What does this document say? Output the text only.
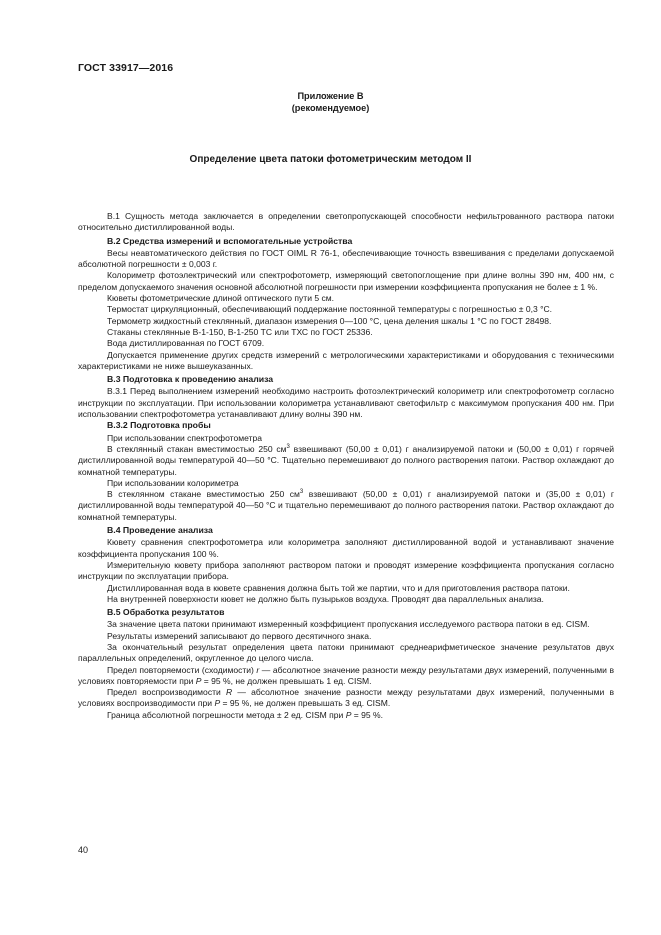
ГОСТ 33917—2016
Приложение В
(рекомендуемое)
Определение цвета патоки фотометрическим методом II

В.1 Сущность метода заключается в определении светопропускающей способности нефильтрованного раствора патоки относительно дистиллированной воды.

В.2 Средства измерений и вспомогательные устройства

Весы неавтоматического действия по ГОСТ OIML R 76-1, обеспечивающие точность взвешивания с пределами допускаемой абсолютной погрешности ± 0,003 г.

Колориметр фотоэлектрический или спектрофотометр, измеряющий светопоглощение при длине волны 390 нм, 400 нм, с пределом допускаемого значения основной абсолютной погрешности при измерении коэффициента пропускания не более ± 1 %.

Кюветы фотометрические длиной оптического пути 5 см.

Термостат циркуляционный, обеспечивающий поддержание постоянной температуры с погрешностью ± 0,3 °С.

Термометр жидкостный стеклянный, диапазон измерения 0—100 °С, цена деления шкалы 1 °С по ГОСТ 28498.

Стаканы стеклянные В-1-150, В-1-250 ТС или ТХС по ГОСТ 25336.

Вода дистиллированная по ГОСТ 6709.

Допускается применение других средств измерений с метрологическими характеристиками и оборудования с техническими характеристиками не ниже вышеуказанных.

В.3 Подготовка к проведению анализа

В.3.1 Перед выполнением измерений необходимо настроить фотоэлектрический колориметр или спектрофотометр согласно инструкции по эксплуатации. При использовании колориметра устанавливают светофильтр с максимумом пропускания 400 нм. При использовании спектрофотометра устанавливают длину волны 390 нм.

В.3.2 Подготовка пробы

При использовании спектрофотометра

В стеклянный стакан вместимостью 250 $см^3$ взвешивают (50,00 ± 0,01) г анализируемой патоки и (50,00 ± 0,01) г горячей дистиллированной воды температурой 40—50 °С. Тщательно перемешивают до полного растворения патоки. Раствор охлаждают до комнатной температуры.

При использовании колориметра

В стеклянном стакане вместимостью 250 $см^3$ взвешивают (50,00 ± 0,01) г анализируемой патоки и (35,00 ± 0,01) г дистиллированной воды температурой 40—50 °С и тщательно перемешивают до полного растворения патоки. Раствор охлаждают до комнатной температуры.

В.4 Проведение анализа

Кювету сравнения спектрофотометра или колориметра заполняют дистиллированной водой и устанавливают значение коэффициента пропускания 100 %.

Измерительную кювету прибора заполняют раствором патоки и проводят измерение коэффициента пропускания согласно инструкции по эксплуатации прибора.

Дистиллированная вода в кювете сравнения должна быть той же партии, что и для приготовления раствора патоки.

На внутренней поверхности кювет не должно быть пузырьков воздуха. Проводят два параллельных анализа.

В.5 Обработка результатов

За значение цвета патоки принимают измеренный коэффициент пропускания исследуемого раствора патоки в ед. CISM.

Результаты измерений записывают до первого десятичного знака.

За окончательный результат определения цвета патоки принимают среднеарифметическое значение результатов двух параллельных определений, округленное до целого числа.

Предел повторяемости (сходимости) r — абсолютное значение разности между результатами двух измерений, полученными в условиях повторяемости при P = 95 %, не должен превышать 1 ед. CISM.

Предел воспроизводимости R — абсолютное значение разности между результатами двух измерений, полученными в условиях воспроизводимости при P = 95 %, не должен превышать 3 ед. CISM.

Граница абсолютной погрешности метода ± 2 ед. CISM при P = 95 %.

40
